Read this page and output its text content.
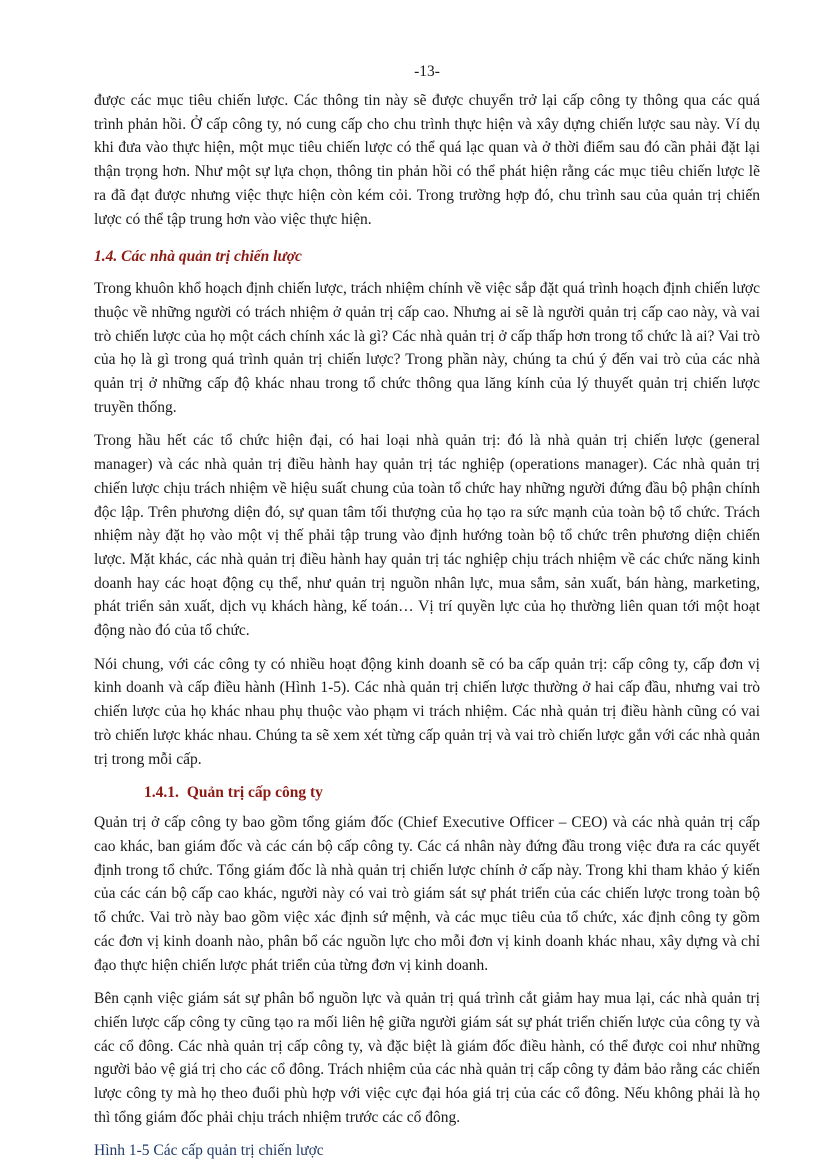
-13-

được các mục tiêu chiến lược. Các thông tin này sẽ được chuyển trở lại cấp công ty thông qua các quá trình phản hồi. Ở cấp công ty, nó cung cấp cho chu trình thực hiện và xây dựng chiến lược sau này. Ví dụ khi đưa vào thực hiện, một mục tiêu chiến lược có thể quá lạc quan và ở thời điểm sau đó cần phải đặt lại thận trọng hơn. Như một sự lựa chọn, thông tin phản hồi có thể phát hiện rằng các mục tiêu chiến lược lẽ ra đã đạt được nhưng việc thực hiện còn kém cỏi. Trong trường hợp đó, chu trình sau của quản trị chiến lược có thể tập trung hơn vào việc thực hiện.

1.4. Các nhà quản trị chiến lược

Trong khuôn khổ hoạch định chiến lược, trách nhiệm chính về việc sắp đặt quá trình hoạch định chiến lược thuộc về những người có trách nhiệm ở quản trị cấp cao. Nhưng ai sẽ là người quản trị cấp cao này, và vai trò chiến lược của họ một cách chính xác là gì? Các nhà quản trị ở cấp thấp hơn trong tổ chức là ai? Vai trò của họ là gì trong quá trình quản trị chiến lược? Trong phần này, chúng ta chú ý đến vai trò của các nhà quản trị ở những cấp độ khác nhau trong tổ chức thông qua lăng kính của lý thuyết quản trị chiến lược truyền thống.

Trong hầu hết các tổ chức hiện đại, có hai loại nhà quản trị: đó là nhà quản trị chiến lược (general manager) và các nhà quản trị điều hành hay quản trị tác nghiệp (operations manager). Các nhà quản trị chiến lược chịu trách nhiệm về hiệu suất chung của toàn tổ chức hay những người đứng đầu bộ phận chính độc lập. Trên phương diện đó, sự quan tâm tối thượng của họ tạo ra sức mạnh của toàn bộ tổ chức. Trách nhiệm này đặt họ vào một vị thế phải tập trung vào định hướng toàn bộ tổ chức trên phương diện chiến lược. Mặt khác, các nhà quản trị điều hành hay quản trị tác nghiệp chịu trách nhiệm về các chức năng kinh doanh hay các hoạt động cụ thể, như quản trị nguồn nhân lực, mua sắm, sản xuất, bán hàng, marketing, phát triển sản xuất, dịch vụ khách hàng, kế toán… Vị trí quyền lực của họ thường liên quan tới một hoạt động nào đó của tổ chức.

Nói chung, với các công ty có nhiều hoạt động kinh doanh sẽ có ba cấp quản trị: cấp công ty, cấp đơn vị kinh doanh và cấp điều hành (Hình 1-5). Các nhà quản trị chiến lược thường ở hai cấp đầu, nhưng vai trò chiến lược của họ khác nhau phụ thuộc vào phạm vi trách nhiệm. Các nhà quản trị điều hành cũng có vai trò chiến lược khác nhau. Chúng ta sẽ xem xét từng cấp quản trị và vai trò chiến lược gắn với các nhà quản trị trong mỗi cấp.

1.4.1. Quản trị cấp công ty

Quản trị ở cấp công ty bao gồm tổng giám đốc (Chief Executive Officer – CEO) và các nhà quản trị cấp cao khác, ban giám đốc và các cán bộ cấp công ty. Các cá nhân này đứng đầu trong việc đưa ra các quyết định trong tổ chức. Tổng giám đốc là nhà quản trị chiến lược chính ở cấp này. Trong khi tham khảo ý kiến của các cán bộ cấp cao khác, người này có vai trò giám sát sự phát triển của các chiến lược trong toàn bộ tổ chức. Vai trò này bao gồm việc xác định sứ mệnh, và các mục tiêu của tổ chức, xác định công ty gồm các đơn vị kinh doanh nào, phân bổ các nguồn lực cho mỗi đơn vị kinh doanh khác nhau, xây dựng và chỉ đạo thực hiện chiến lược phát triển của từng đơn vị kinh doanh.

Bên cạnh việc giám sát sự phân bổ nguồn lực và quản trị quá trình cắt giảm hay mua lại, các nhà quản trị chiến lược cấp công ty cũng tạo ra mối liên hệ giữa người giám sát sự phát triển chiến lược của công ty và các cổ đông. Các nhà quản trị cấp công ty, và đặc biệt là giám đốc điều hành, có thể được coi như những người bảo vệ giá trị cho các cổ đông. Trách nhiệm của các nhà quản trị cấp công ty đảm bảo rằng các chiến lược công ty mà họ theo đuổi phù hợp với việc cực đại hóa giá trị của các cổ đông. Nếu không phải là họ thì tổng giám đốc phải chịu trách nhiệm trước các cổ đông.

Hình 1-5 Các cấp quản trị chiến lược
